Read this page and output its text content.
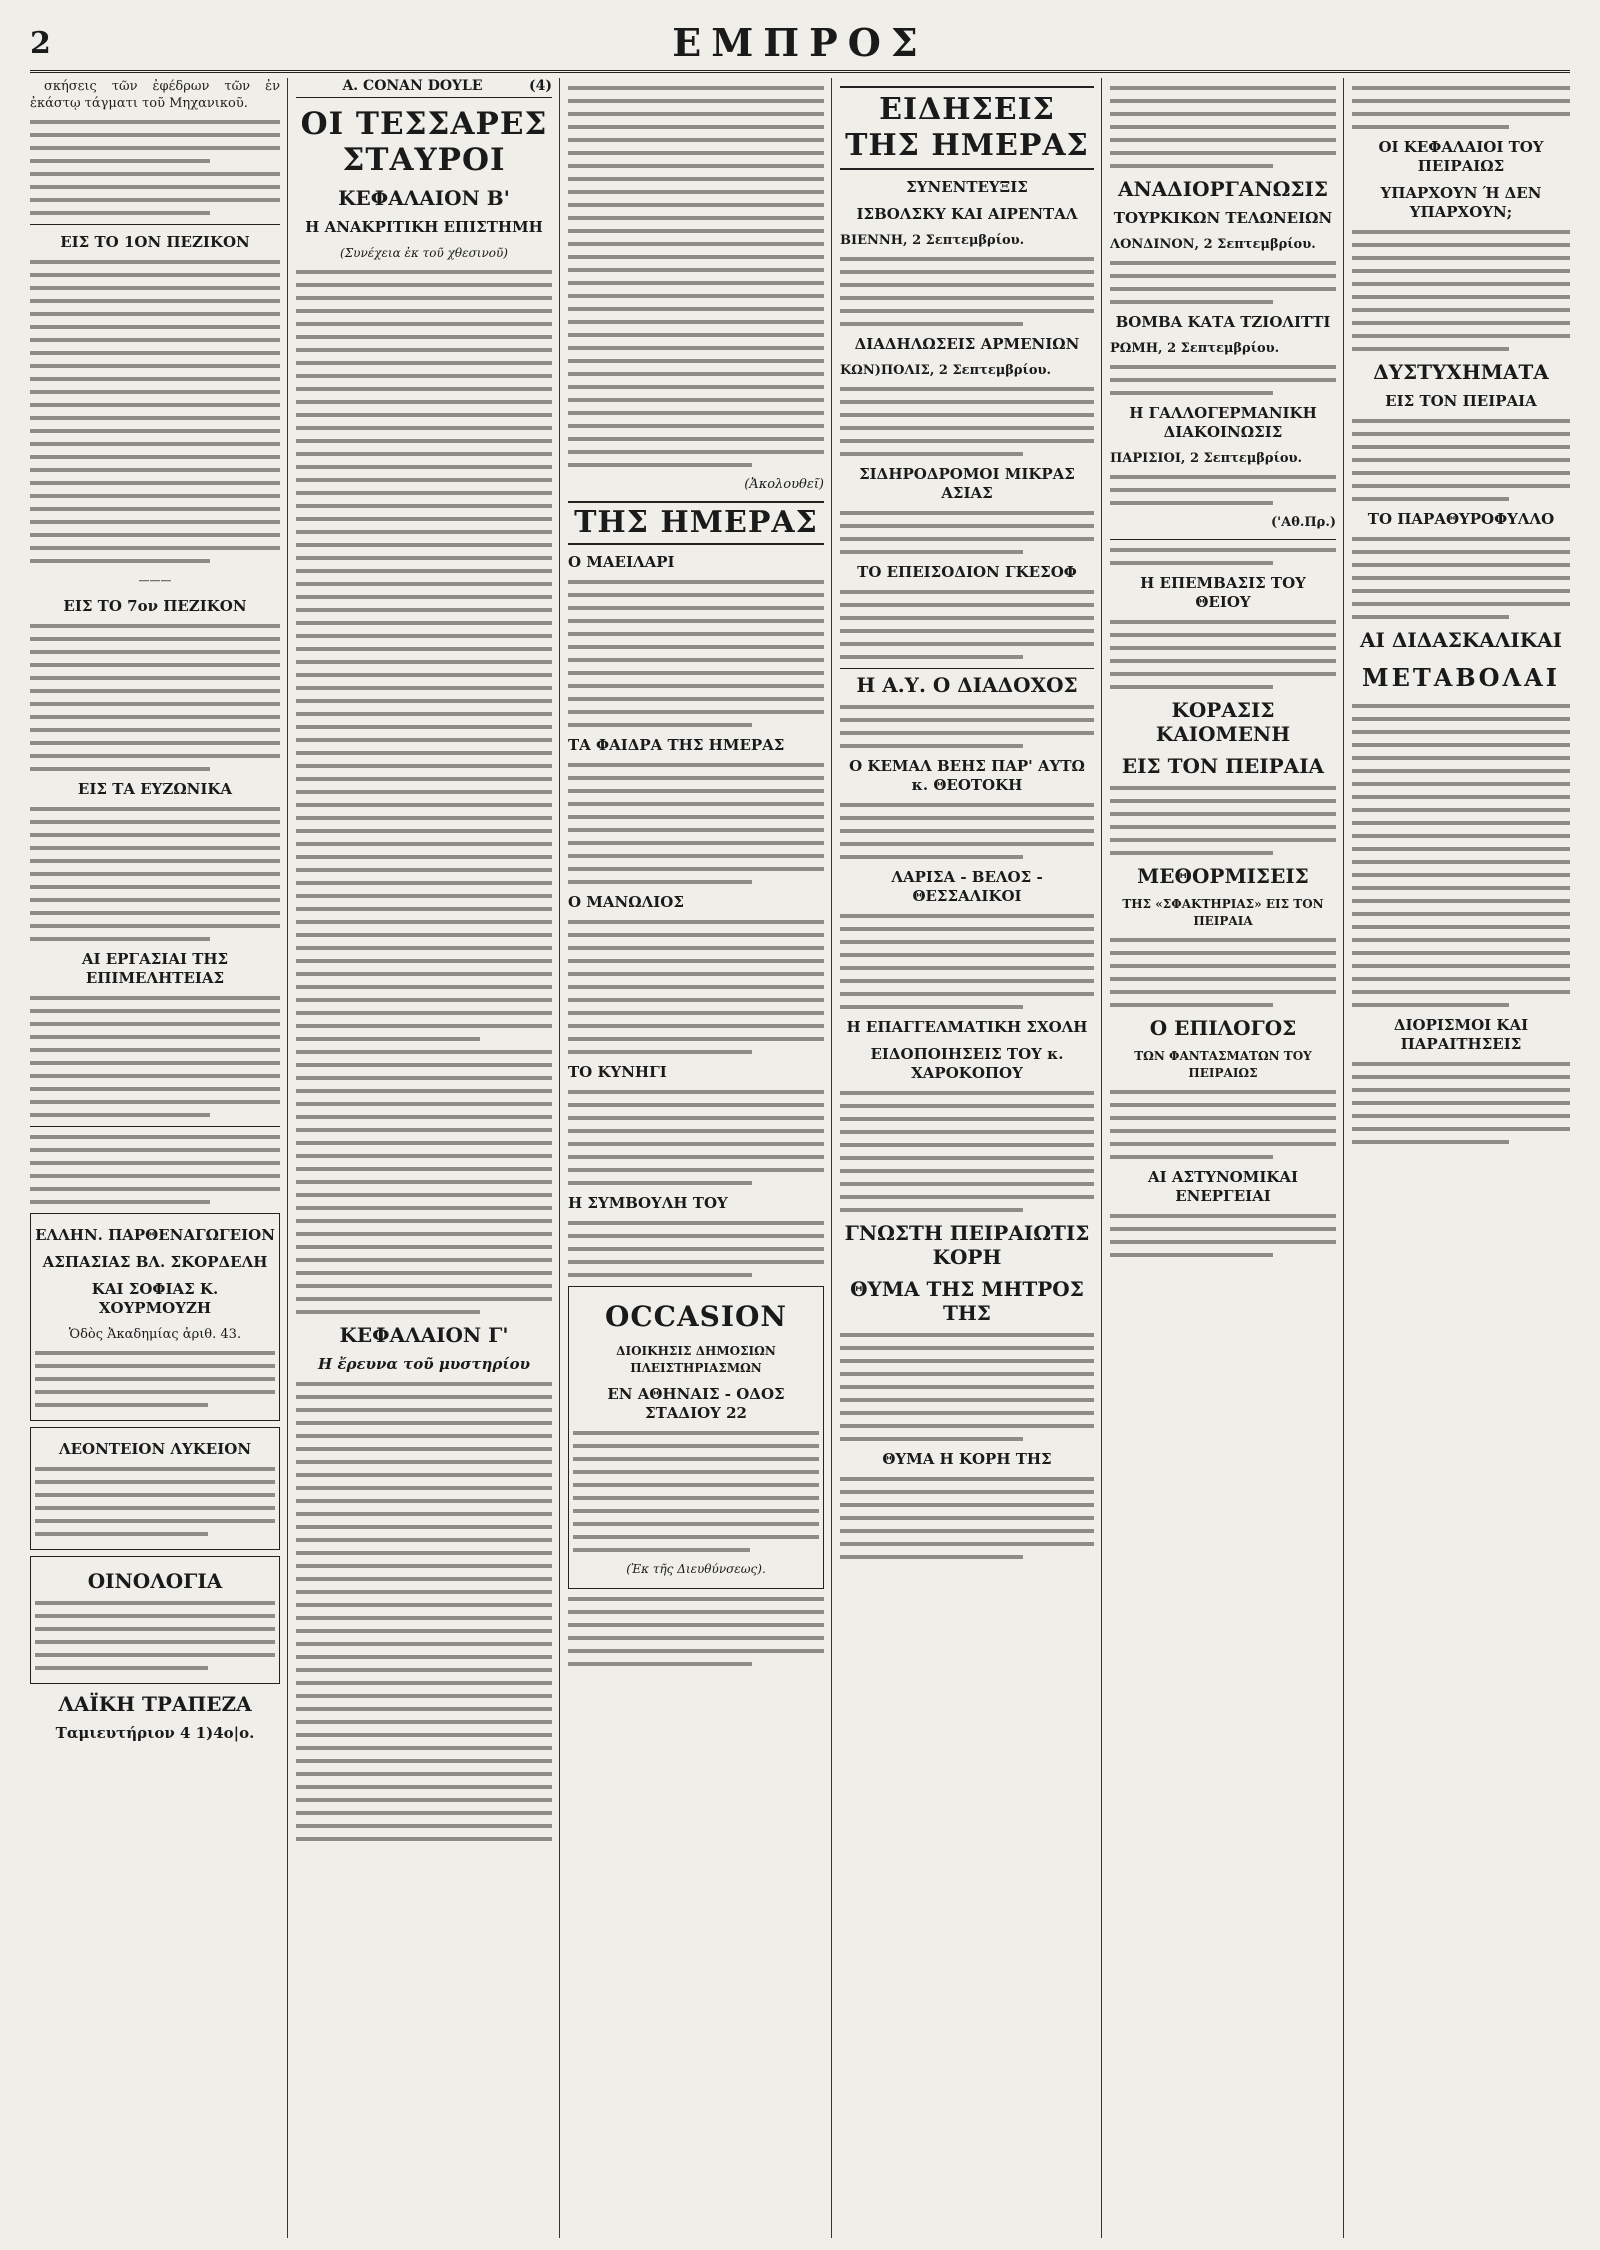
2	ΕΜΠΡΟΣ

σκήσεις τῶν ἐφέδρων τῶν ἐν ἐκάστῳ τάγματι τοῦ Μηχανικοῦ.

ΕΙΣ ΤΟ 1ΟΝ ΠΕΖΙΚΟΝ
———
ΕΙΣ ΤΟ 7ον ΠΕΖΙΚΟΝ
ΕΙΣ ΤΑ ΕΥΖΩΝΙΚΑ
ΑΙ ΕΡΓΑΣΙΑΙ ΤΗΣ ΕΠΙΜΕΛΗΤΕΙΑΣ
ΕΛΛΗΝ. ΠΑΡΘΕΝΑΓΩΓΕΙΟΝ
ΑΣΠΑΣΙΑΣ ΒΛ. ΣΚΟΡΔΕΛΗ
ΚΑΙ ΣΟΦΙΑΣ Κ. ΧΟΥΡΜΟΥΖΗ
Ὁδὸς Ἀκαδημίας ἀριθ. 43.
ΛΕΟΝΤΕΙΟΝ ΛΥΚΕΙΟΝ
ΟΙΝΟΛΟΓΙΑ
ΛΑΪΚΗ ΤΡΑΠΕΖΑ
Ταμιευτήριον 4 1)4ο|ο.
Α. CONAN DOYLE	(4)
ΟΙ ΤΕΣΣΑΡΕΣ ΣΤΑΥΡΟΙ
ΚΕΦΑΛΑΙΟΝ Β'
Η ΑΝΑΚΡΙΤΙΚΗ ΕΠΙΣΤΗΜΗ
(Συνέχεια ἐκ τοῦ χθεσινοῦ)
ΚΕΦΑΛΑΙΟΝ Γ'
Η ἔρευνα τοῦ μυστηρίου
(Ἀκολουθεῖ)
ΤΗΣ ΗΜΕΡΑΣ
Ο ΜΑΕΙΛΑΡΙ
ΤΑ ΦΑΙΔΡΑ ΤΗΣ ΗΜΕΡΑΣ
Ο ΜΑΝΩΛΙΟΣ
ΤΟ ΚΥΝΗΓΙ
Η ΣΥΜΒΟΥΛΗ ΤΟΥ
OCCASION
ΔΙΟΙΚΗΣΙΣ ΔΗΜΟΣΙΩΝ ΠΛΕΙΣΤΗΡΙΑΣΜΩΝ
ΕΝ ΑΘΗΝΑΙΣ - ΟΔΟΣ ΣΤΑΔΙΟΥ 22
(Ἐκ τῆς Διευθύνσεως).
ΕΙΔΗΣΕΙΣ ΤΗΣ ΗΜΕΡΑΣ
ΣΥΝΕΝΤΕΥΞΙΣ
ΙΣΒΟΛΣΚΥ ΚΑΙ ΑΙΡΕΝΤΑΛ
ΒΙΕΝΝΗ, 2 Σεπτεμβρίου.
ΔΙΑΔΗΛΩΣΕΙΣ ΑΡΜΕΝΙΩΝ
ΚΩΝ)ΠΟΛΙΣ, 2 Σεπτεμβρίου.
ΣΙΔΗΡΟΔΡΟΜΟΙ ΜΙΚΡΑΣ ΑΣΙΑΣ
ΤΟ ΕΠΕΙΣΟΔΙΟΝ ΓΚΕΣΟΦ
Η Α.Υ. Ο ΔΙΑΔΟΧΟΣ
Ο ΚΕΜΑΛ ΒΕΗΣ ΠΑΡ' ΑΥΤΩ κ. ΘΕΟΤΟΚΗ
ΛΑΡΙΣΑ - ΒΕΛΟΣ - ΘΕΣΣΑΛΙΚΟΙ
Η ΕΠΑΓΓΕΛΜΑΤΙΚΗ ΣΧΟΛΗ
ΕΙΔΟΠΟΙΗΣΕΙΣ ΤΟΥ κ. ΧΑΡΟΚΟΠΟΥ
ΓΝΩΣΤΗ ΠΕΙΡΑΙΩΤΙΣ ΚΟΡΗ
ΘΥΜΑ ΤΗΣ ΜΗΤΡΟΣ ΤΗΣ
ΘΥΜΑ Η ΚΟΡΗ ΤΗΣ
ΑΝΑΔΙΟΡΓΑΝΩΣΙΣ
ΤΟΥΡΚΙΚΩΝ ΤΕΛΩΝΕΙΩΝ
ΛΟΝΔΙΝΟΝ, 2 Σεπτεμβρίου.
ΒΟΜΒΑ ΚΑΤΑ ΤΖΙΟΛΙΤΤΙ
ΡΩΜΗ, 2 Σεπτεμβρίου.
Η ΓΑΛΛΟΓΕΡΜΑΝΙΚΗ ΔΙΑΚΟΙΝΩΣΙΣ
ΠΑΡΙΣΙΟΙ, 2 Σεπτεμβρίου.
('Αθ.Πρ.)
Η ΕΠΕΜΒΑΣΙΣ ΤΟΥ ΘΕΙΟΥ
ΚΟΡΑΣΙΣ ΚΑΙΟΜΕΝΗ
ΕΙΣ ΤΟΝ ΠΕΙΡΑΙΑ
ΜΕΘΟΡΜΙΣΕΙΣ
ΤΗΣ «ΣΦΑΚΤΗΡΙΑΣ» ΕΙΣ ΤΟΝ ΠΕΙΡΑΙΑ
Ο ΕΠΙΛΟΓΟΣ
ΤΩΝ ΦΑΝΤΑΣΜΑΤΩΝ ΤΟΥ ΠΕΙΡΑΙΩΣ
ΑΙ ΑΣΤΥΝΟΜΙΚΑΙ ΕΝΕΡΓΕΙΑΙ
ΟΙ ΚΕΦΑΛΑΙΟΙ ΤΟΥ ΠΕΙΡΑΙΩΣ
ΥΠΑΡΧΟΥΝ Ή ΔΕΝ ΥΠΑΡΧΟΥΝ;
ΔΥΣΤΥΧΗΜΑΤΑ
ΕΙΣ ΤΟΝ ΠΕΙΡΑΙΑ
ΤΟ ΠΑΡΑΘΥΡΟΦΥΛΛΟ
ΑΙ ΔΙΔΑΣΚΑΛΙΚΑΙ
ΜΕΤΑΒΟΛΑΙ
ΔΙΟΡΙΣΜΟΙ ΚΑΙ ΠΑΡΑΙΤΗΣΕΙΣ
